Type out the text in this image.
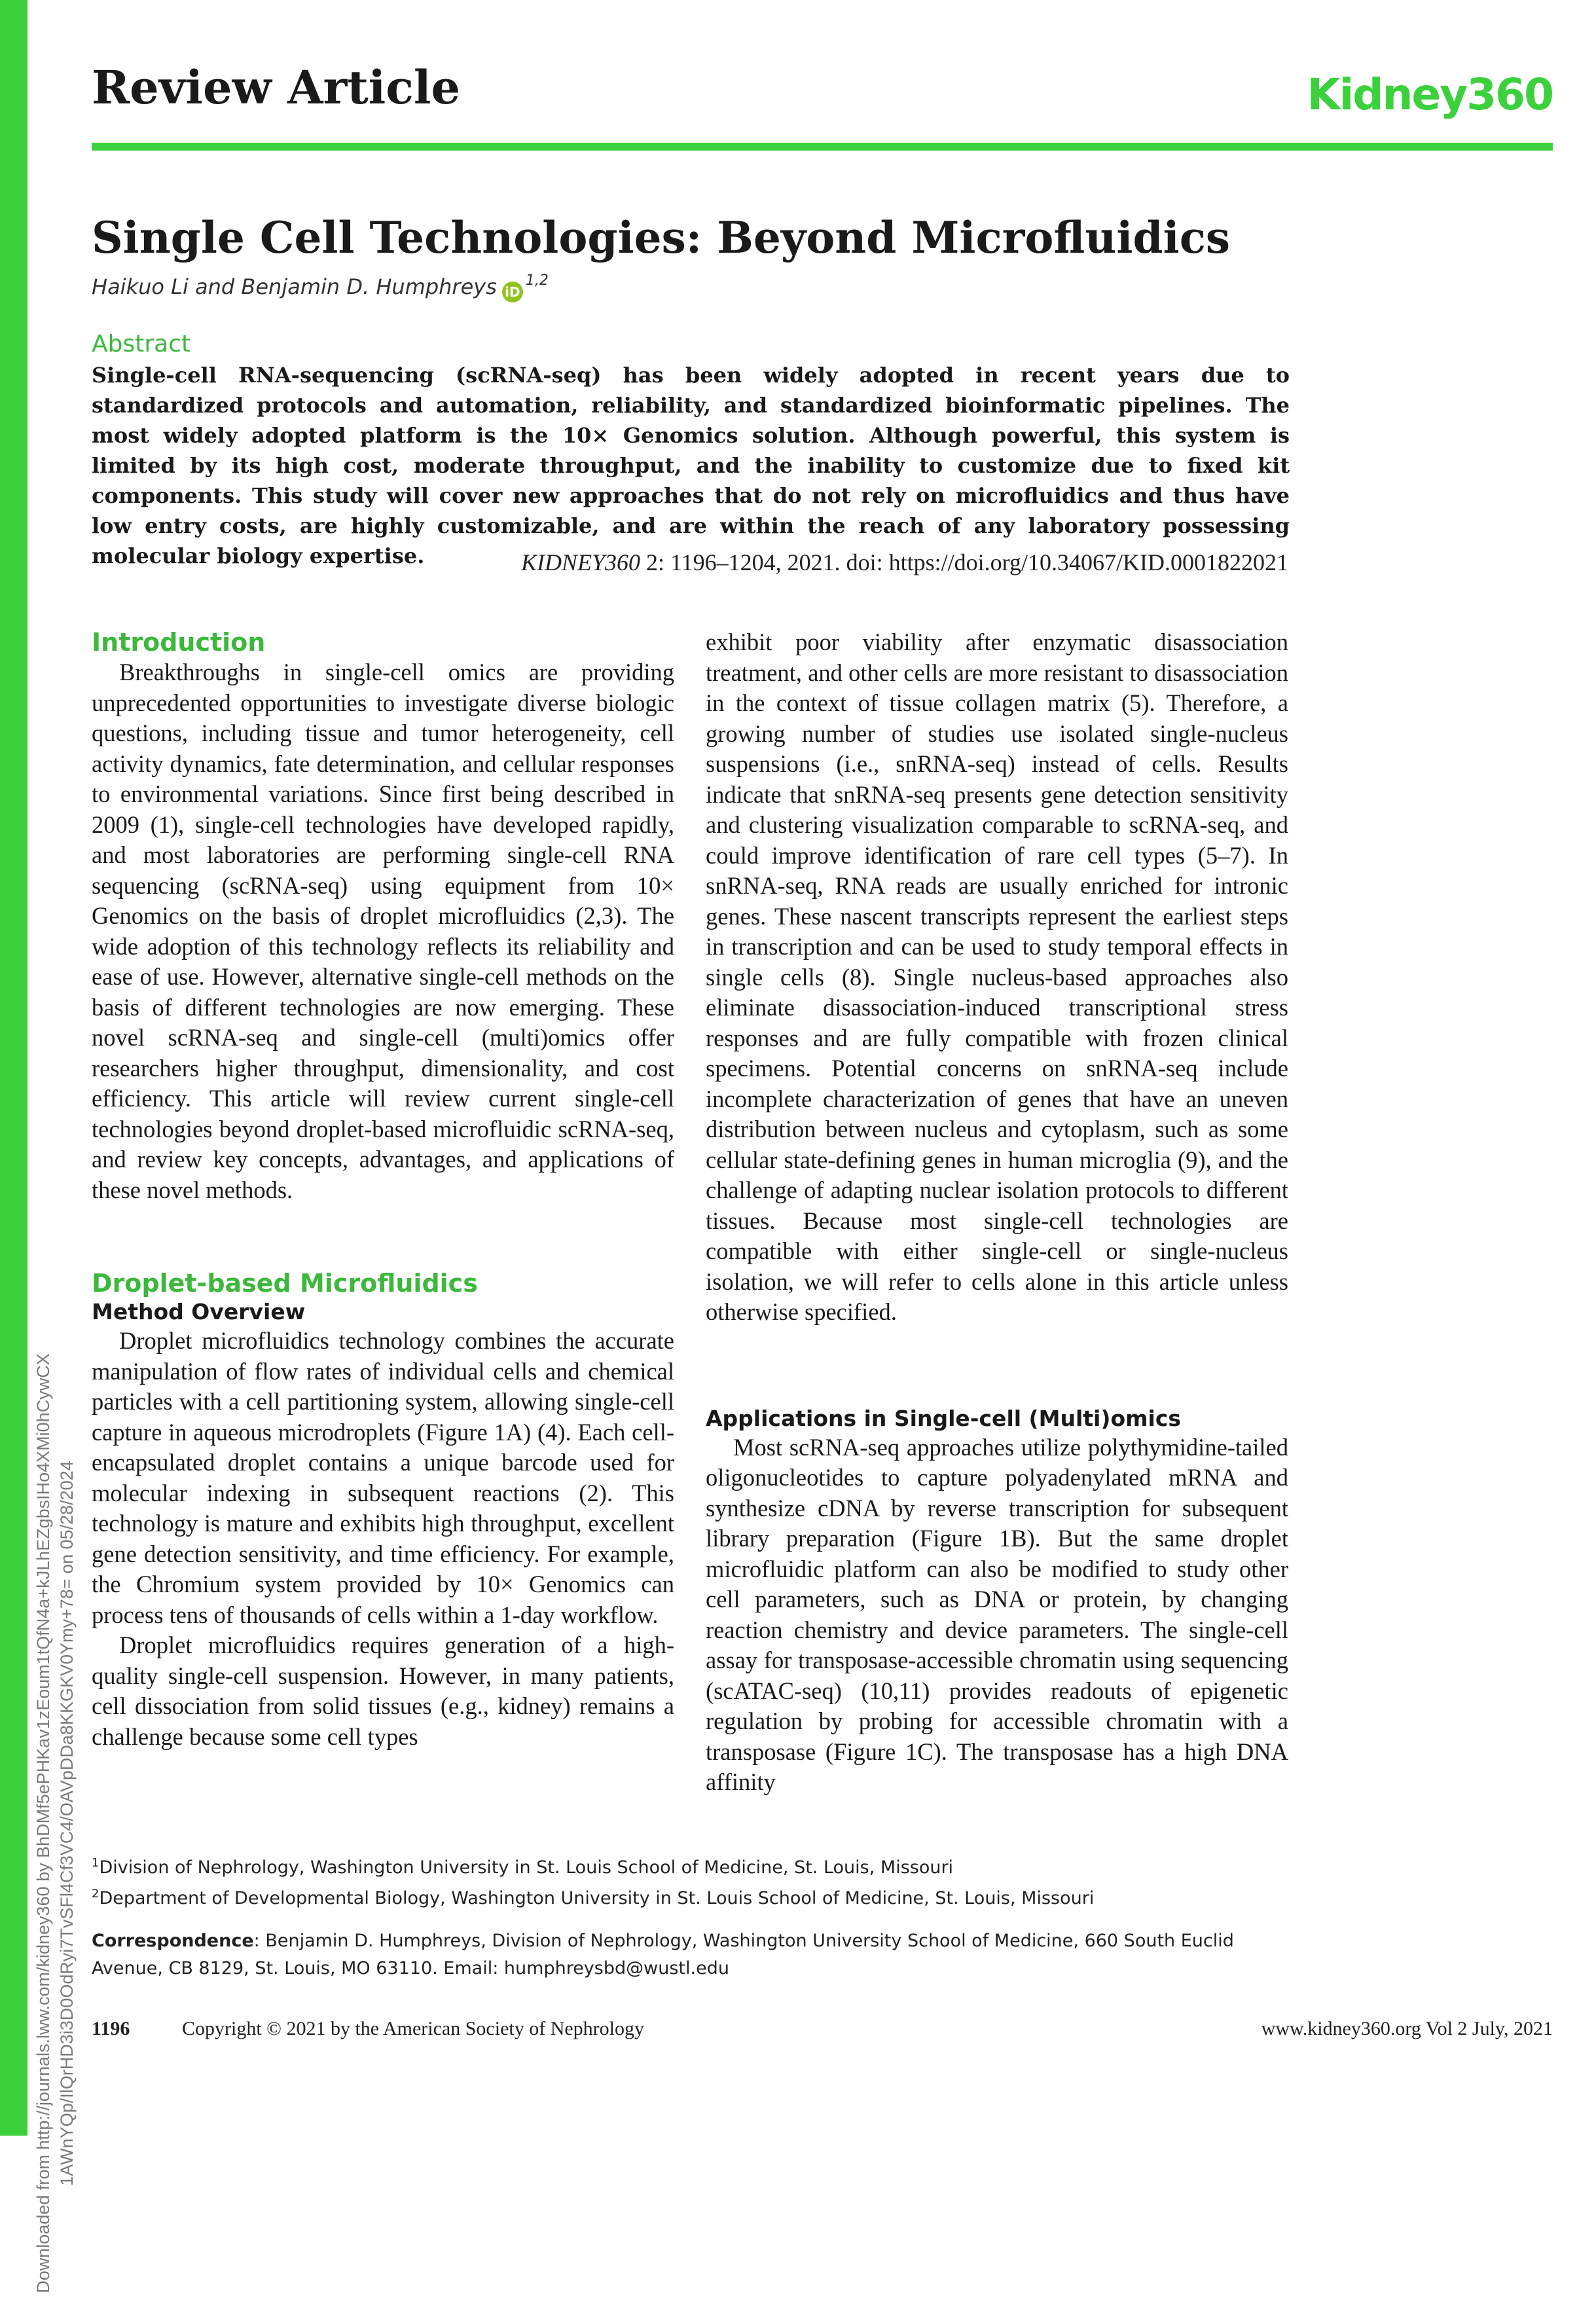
Downloaded from http://journals.lww.com/kidney360 by BhDMf5ePHKav1zEoum1tQfN4a+kJLhEZgbsIHo4XMi0hCywCX1AWnYQp/IlQrHD3i3D0OdRyi7TvSFl4Cf3VC4/OAVpDDa8KKGKV0Ymy+78= on 05/28/2024
Review Article	Kidney360
Single Cell Technologies: Beyond Microfluidics
Haikuo Li and Benjamin D. Humphreys iD$^{1,2}$
Abstract

Single-cell RNA-sequencing (scRNA-seq) has been widely adopted in recent years due to standardized protocols and automation, reliability, and standardized bioinformatic pipelines. The most widely adopted platform is the 10× Genomics solution. Although powerful, this system is limited by its high cost, moderate throughput, and the inability to customize due to fixed kit components. This study will cover new approaches that do not rely on microfluidics and thus have low entry costs, are highly customizable, and are within the reach of any laboratory possessing molecular biology expertise.	KIDNEY360 2: 1196–1204, 2021. doi: https://doi.org/10.34067/KID.0001822021
Introduction

Breakthroughs in single-cell omics are providing unprecedented opportunities to investigate diverse biologic questions, including tissue and tumor heterogeneity, cell activity dynamics, fate determination, and cellular responses to environmental variations. Since first being described in 2009 (1), single-cell technologies have developed rapidly, and most laboratories are performing single-cell RNA sequencing (scRNA-seq) using equipment from 10× Genomics on the basis of droplet microfluidics (2,3). The wide adoption of this technology reflects its reliability and ease of use. However, alternative single-cell methods on the basis of different technologies are now emerging. These novel scRNA-seq and single-cell (multi)omics offer researchers higher throughput, dimensionality, and cost efficiency. This article will review current single-cell technologies beyond droplet-based microfluidic scRNA-seq, and review key concepts, advantages, and applications of these novel methods.

Droplet-based Microfluidics
Method Overview

Droplet microfluidics technology combines the accurate manipulation of flow rates of individual cells and chemical particles with a cell partitioning system, allowing single-cell capture in aqueous microdroplets (Figure 1A) (4). Each cell-encapsulated droplet contains a unique barcode used for molecular indexing in subsequent reactions (2). This technology is mature and exhibits high throughput, excellent gene detection sensitivity, and time efficiency. For example, the Chromium system provided by 10× Genomics can process tens of thousands of cells within a 1-day workflow.

Droplet microfluidics requires generation of a high-quality single-cell suspension. However, in many patients, cell dissociation from solid tissues (e.g., kidney) remains a challenge because some cell types

exhibit poor viability after enzymatic disassociation treatment, and other cells are more resistant to disassociation in the context of tissue collagen matrix (5). Therefore, a growing number of studies use isolated single-nucleus suspensions (i.e., snRNA-seq) instead of cells. Results indicate that snRNA-seq presents gene detection sensitivity and clustering visualization comparable to scRNA-seq, and could improve identification of rare cell types (5–7). In snRNA-seq, RNA reads are usually enriched for intronic genes. These nascent transcripts represent the earliest steps in transcription and can be used to study temporal effects in single cells (8). Single nucleus-based approaches also eliminate disassociation-induced transcriptional stress responses and are fully compatible with frozen clinical specimens. Potential concerns on snRNA-seq include incomplete characterization of genes that have an uneven distribution between nucleus and cytoplasm, such as some cellular state-defining genes in human microglia (9), and the challenge of adapting nuclear isolation protocols to different tissues. Because most single-cell technologies are compatible with either single-cell or single-nucleus isolation, we will refer to cells alone in this article unless otherwise specified.

Applications in Single-cell (Multi)omics

Most scRNA-seq approaches utilize polythymidine-tailed oligonucleotides to capture polyadenylated mRNA and synthesize cDNA by reverse transcription for subsequent library preparation (Figure 1B). But the same droplet microfluidic platform can also be modified to study other cell parameters, such as DNA or protein, by changing reaction chemistry and device parameters. The single-cell assay for transposase-accessible chromatin using sequencing (scATAC-seq) (10,11) provides readouts of epigenetic regulation by probing for accessible chromatin with a transposase (Figure 1C). The transposase has a high DNA affinity

$^1$Division of Nephrology, Washington University in St. Louis School of Medicine, St. Louis, Missouri

$^2$Department of Developmental Biology, Washington University in St. Louis School of Medicine, St. Louis, Missouri

Correspondence: Benjamin D. Humphreys, Division of Nephrology, Washington University School of Medicine, 660 South Euclid Avenue, CB 8129, St. Louis, MO 63110. Email: humphreysbd@wustl.edu
1196	Copyright © 2021 by the American Society of Nephrology	www.kidney360.org Vol 2 July, 2021
